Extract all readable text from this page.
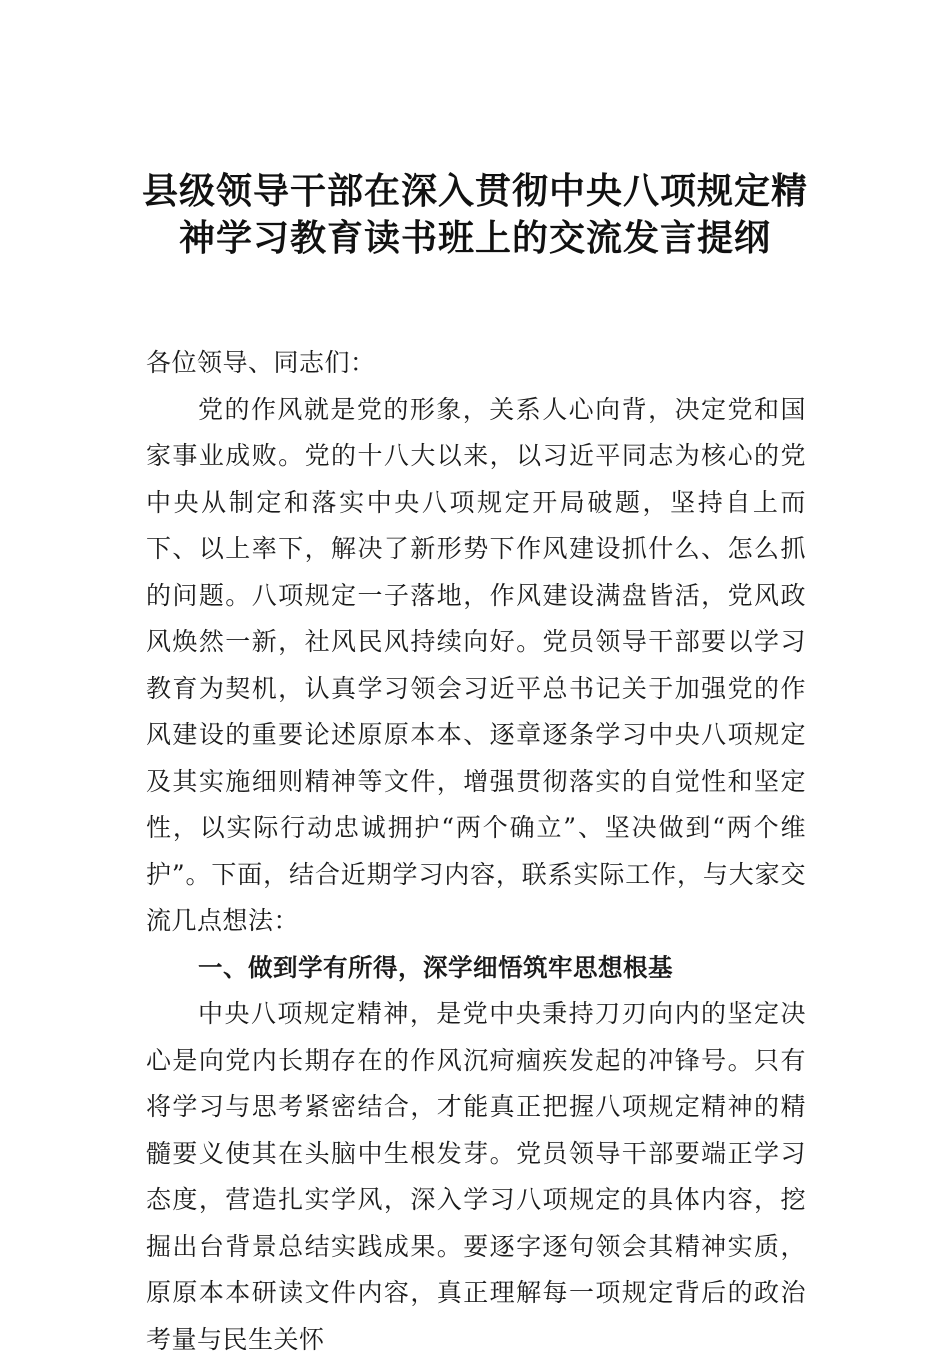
县级领导干部在深入贯彻中央八项规定精
神学习教育读书班上的交流发言提纲

各位领导、同志们：

党的作风就是党的形象，关系人心向背，决定党和国家事业成败。党的十八大以来，以习近平同志为核心的党中央从制定和落实中央八项规定开局破题，坚持自上而下、以上率下，解决了新形势下作风建设抓什么、怎么抓的问题。八项规定一子落地，作风建设满盘皆活，党风政风焕然一新，社风民风持续向好。党员领导干部要以学习教育为契机，认真学习领会习近平总书记关于加强党的作风建设的重要论述原原本本、逐章逐条学习中央八项规定及其实施细则精神等文件，增强贯彻落实的自觉性和坚定性，以实际行动忠诚拥护“两个确立”、坚决做到“两个维护”。下面，结合近期学习内容，联系实际工作，与大家交流几点想法：

一、做到学有所得，深学细悟筑牢思想根基

中央八项规定精神，是党中央秉持刀刃向内的坚定决心是向党内长期存在的作风沉疴痼疾发起的冲锋号。只有将学习与思考紧密结合，才能真正把握八项规定精神的精髓要义使其在头脑中生根发芽。党员领导干部要端正学习态度，营造扎实学风，深入学习八项规定的具体内容，挖掘出台背景总结实践成果。要逐字逐句领会其精神实质，原原本本研读文件内容，真正理解每一项规定背后的政治考量与民生关怀
